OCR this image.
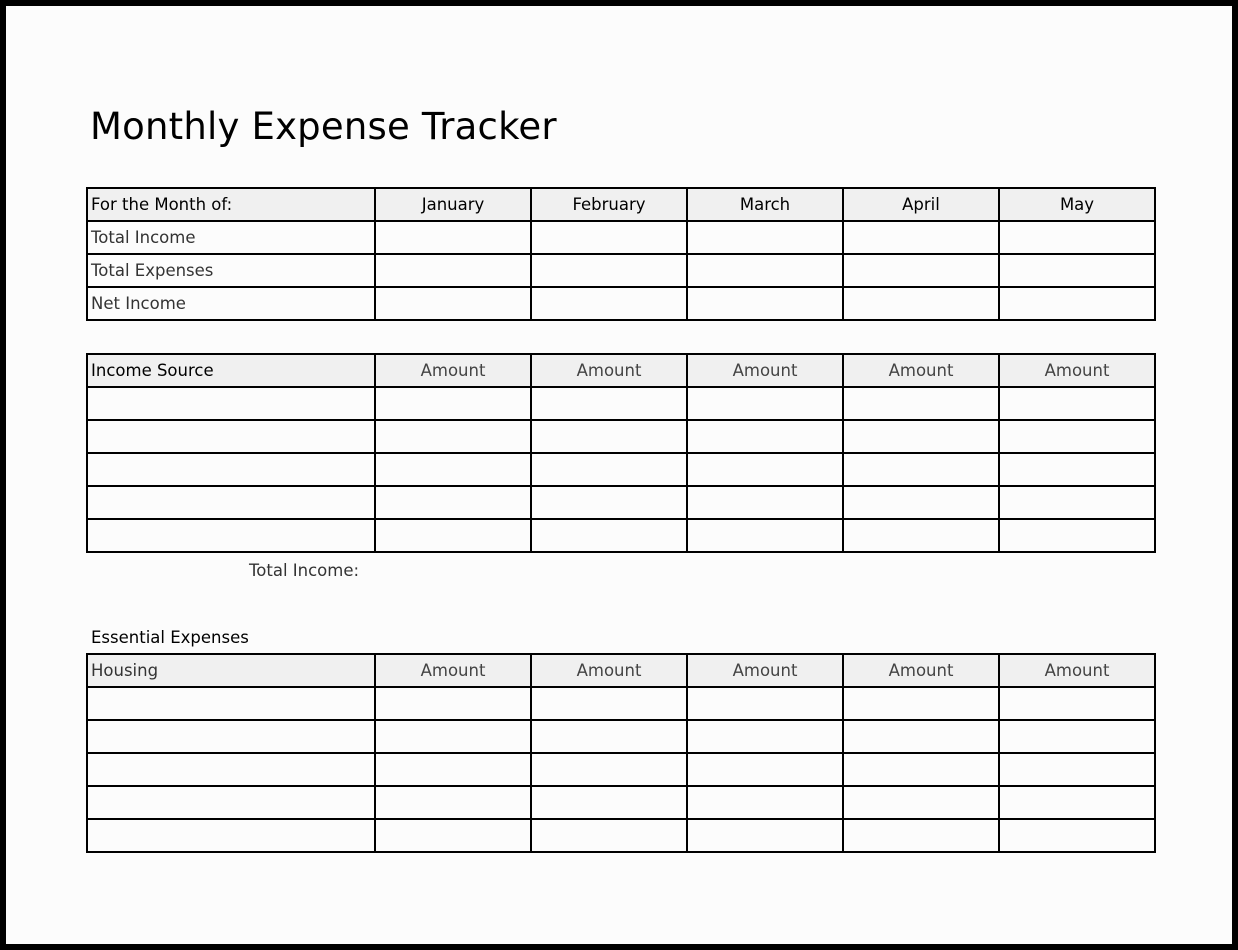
Monthly Expense Tracker
For the Month of:	January	February	March	April	May
Total Income					
Total Expenses					
Net Income					
Income Source	Amount	Amount	Amount	Amount	Amount

Total Income:
Essential Expenses
Housing	Amount	Amount	Amount	Amount	Amount
